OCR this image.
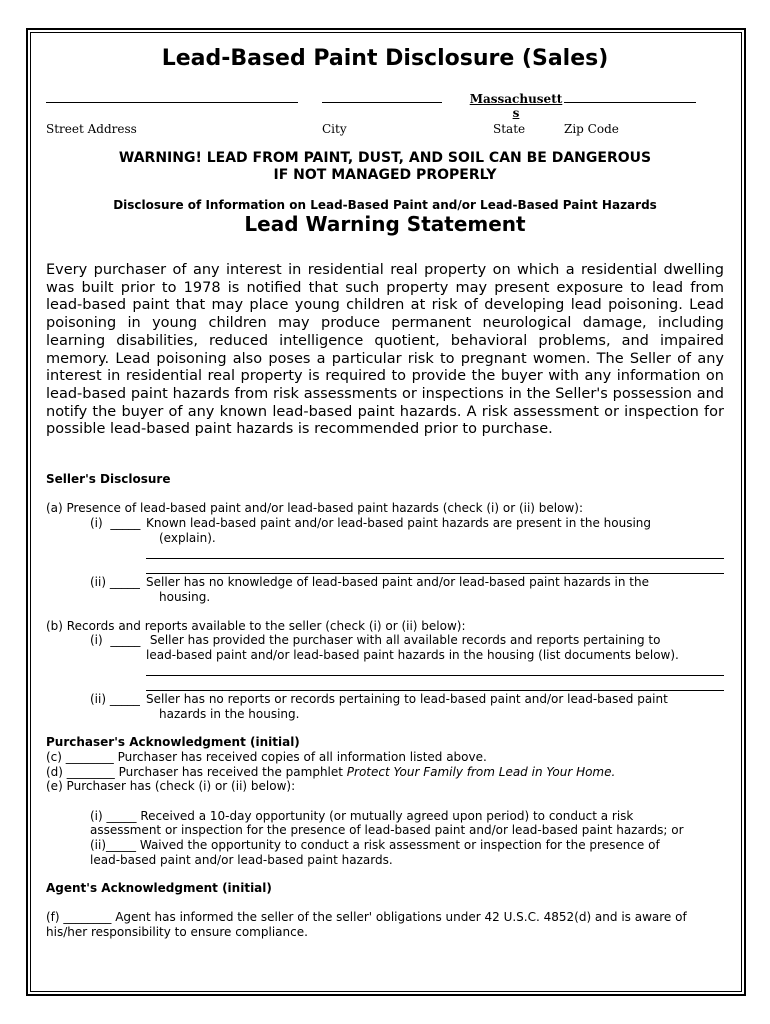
Lead-Based Paint Disclosure (Sales)
Massachusetts
Street Address	City	State	Zip Code
WARNING! LEAD FROM PAINT, DUST, AND SOIL CAN BE DANGEROUS
IF NOT MANAGED PROPERLY
Disclosure of Information on Lead-Based Paint and/or Lead-Based Paint Hazards
Lead Warning Statement
Every purchaser of any interest in residential real property on which a residential dwelling was built prior to 1978 is notified that such property may present exposure to lead from lead-based paint that may place young children at risk of developing lead poisoning. Lead poisoning in young children may produce permanent neurological damage, including learning disabilities, reduced intelligence quotient, behavioral problems, and impaired memory. Lead poisoning also poses a particular risk to pregnant women. The Seller of any interest in residential real property is required to provide the buyer with any information on lead-based paint hazards from risk assessments or inspections in the Seller's possession and notify the buyer of any known lead-based paint hazards. A risk assessment or inspection for possible lead-based paint hazards is recommended prior to purchase.
Seller's Disclosure
(a) Presence of lead-based paint and/or lead-based paint hazards (check (i) or (ii) below):
(i)  _____ Known lead-based paint and/or lead-based paint hazards are present in the housing
(explain).
(ii) _____ Seller has no knowledge of lead-based paint and/or lead-based paint hazards in the
housing.
(b) Records and reports available to the seller (check (i) or (ii) below):
(i)  _____ Seller has provided the purchaser with all available records and reports pertaining to
lead-based paint and/or lead-based paint hazards in the housing (list documents below).
(ii) _____ Seller has no reports or records pertaining to lead-based paint and/or lead-based paint
hazards in the housing.
Purchaser's Acknowledgment (initial)
(c) ________ Purchaser has received copies of all information listed above.
(d) ________ Purchaser has received the pamphlet Protect Your Family from Lead in Your Home.
(e) Purchaser has (check (i) or (ii) below):
(i) _____ Received a 10-day opportunity (or mutually agreed upon period) to conduct a risk
assessment or inspection for the presence of lead-based paint and/or lead-based paint hazards; or
(ii)_____ Waived the opportunity to conduct a risk assessment or inspection for the presence of
lead-based paint and/or lead-based paint hazards.
Agent's Acknowledgment (initial)
(f) ________ Agent has informed the seller of the seller' obligations under 42 U.S.C. 4852(d) and is aware of
his/her responsibility to ensure compliance.
